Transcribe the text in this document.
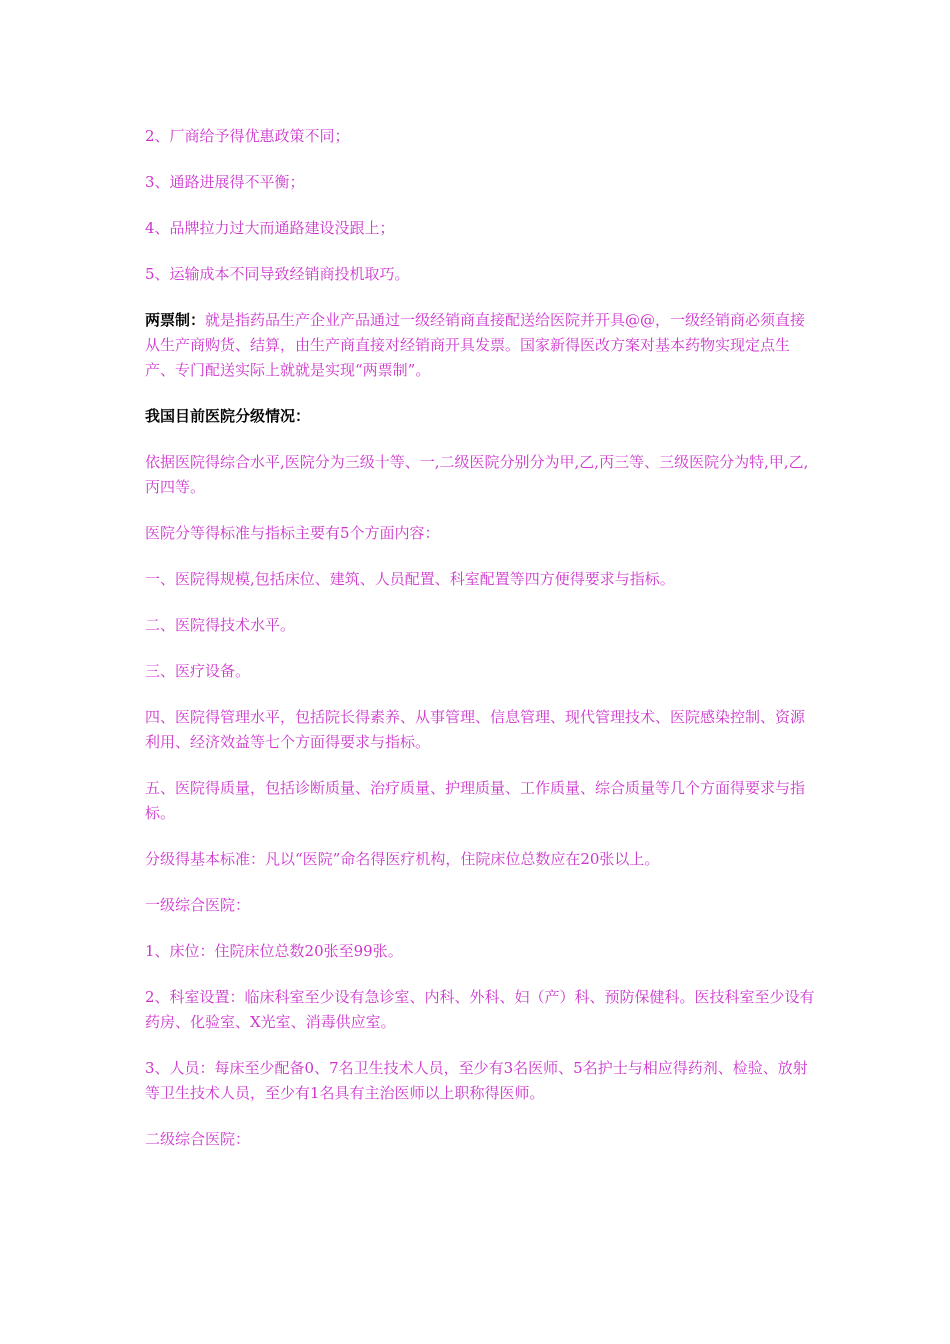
2、厂商给予得优惠政策不同；

3、通路进展得不平衡；

4、品牌拉力过大而通路建设没跟上；

5、运输成本不同导致经销商投机取巧。

两票制：就是指药品生产企业产品通过一级经销商直接配送给医院并开具@@，一级经销商必须直接从生产商购货、结算，由生产商直接对经销商开具发票。国家新得医改方案对基本药物实现定点生产、专门配送实际上就就是实现“两票制”。

我国目前医院分级情况：

依据医院得综合水平,医院分为三级十等、一,二级医院分别分为甲,乙,丙三等、三级医院分为特,甲,乙,丙四等。

医院分等得标准与指标主要有5个方面内容：

一、医院得规模,包括床位、建筑、人员配置、科室配置等四方便得要求与指标。

二、医院得技术水平。

三、医疗设备。

四、医院得管理水平，包括院长得素养、从事管理、信息管理、现代管理技术、医院感染控制、资源利用、经济效益等七个方面得要求与指标。

五、医院得质量，包括诊断质量、治疗质量、护理质量、工作质量、综合质量等几个方面得要求与指标。

分级得基本标准：凡以“医院”命名得医疗机构，住院床位总数应在20张以上。

一级综合医院：

1、床位：住院床位总数20张至99张。

2、科室设置：临床科室至少设有急诊室、内科、外科、妇（产）科、预防保健科。医技科室至少设有药房、化验室、X光室、消毒供应室。

3、人员：每床至少配备0、7名卫生技术人员，至少有3名医师、5名护士与相应得药剂、检验、放射等卫生技术人员，至少有1名具有主治医师以上职称得医师。

二级综合医院：
